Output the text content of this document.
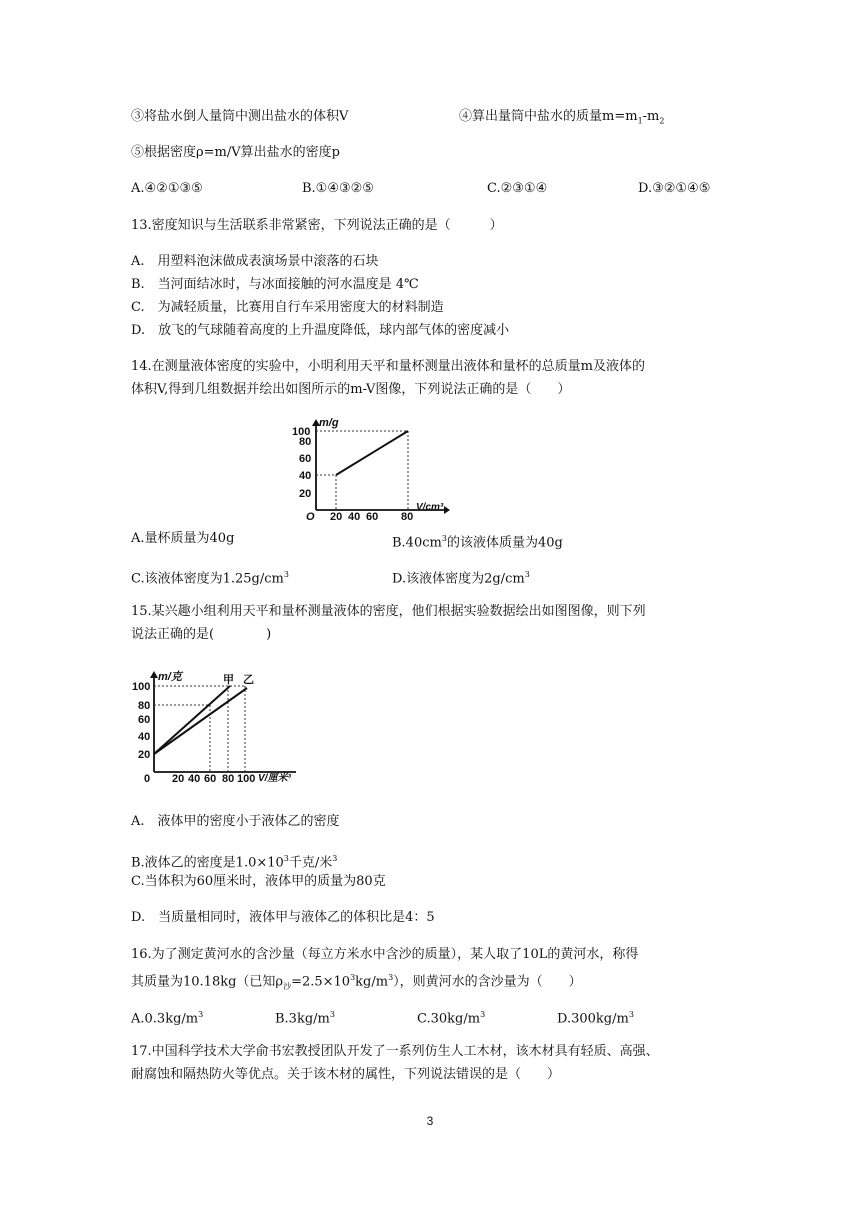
③将盐水倒人量筒中测出盐水的体积V	④算出量筒中盐水的质量$m=m_1-m_2$
⑤根据密度ρ=m/V算出盐水的密度p
A.④②①③⑤	B.①④③②⑤	C.②③①④	D.③②①④⑤
13.密度知识与生活联系非常紧密，下列说法正确的是（　　　）
A.　用塑料泡沫做成表演场景中滚落的石块
B.　当河面结冰时，与冰面接触的河水温度是 4℃
C.　为减轻质量，比赛用自行车采用密度大的材料制造
D.　放飞的气球随着高度的上升温度降低，球内部气体的密度减小
14.在测量液体密度的实验中，小明利用天平和量杯测量出液体和量杯的总质量m及液体的
体积V,得到几组数据并绘出如图所示的m-V图像，下列说法正确的是（　　）
m/g
V/cm³
O 20 40 60 80
20
40
60
80
100
A.量杯质量为40g	$B.40cm^3$的该液体质量为40g
C.该液体密度为$1.25g/cm^3$	D.该液体密度为$2g/cm^3$
15.某兴趣小组利用天平和量杯测量液体的密度，他们根据实验数据绘出如图图像，则下列
说法正确的是(　　　　)
m/克	甲 乙
V/厘米³
0 20 40 60 80 100
20
40
60
80
100
A.　液体甲的密度小于液体乙的密度
B.液体乙的密度是$1.0\times 10^3$千克/米$^3$
C.当体积为60厘米时，液体甲的质量为80克
D.　当质量相同时，液体甲与液体乙的体积比是4：5
16.为了测定黄河水的含沙量（每立方米水中含沙的质量），某人取了10L的黄河水，称得
其质量为10.18kg（已知$\rho_沙=2.5\times 10^3kg/m^3$），则黄河水的含沙量为（　　）
$A.0.3kg/m^3$	$B.3kg/m^3$	$C.30kg/m^3$	$D.300kg/m^3$
17.中国科学技术大学俞书宏教授团队开发了一系列仿生人工木材，该木材具有轻质、高强、
耐腐蚀和隔热防火等优点。关于该木材的属性，下列说法错误的是（　　）
3
